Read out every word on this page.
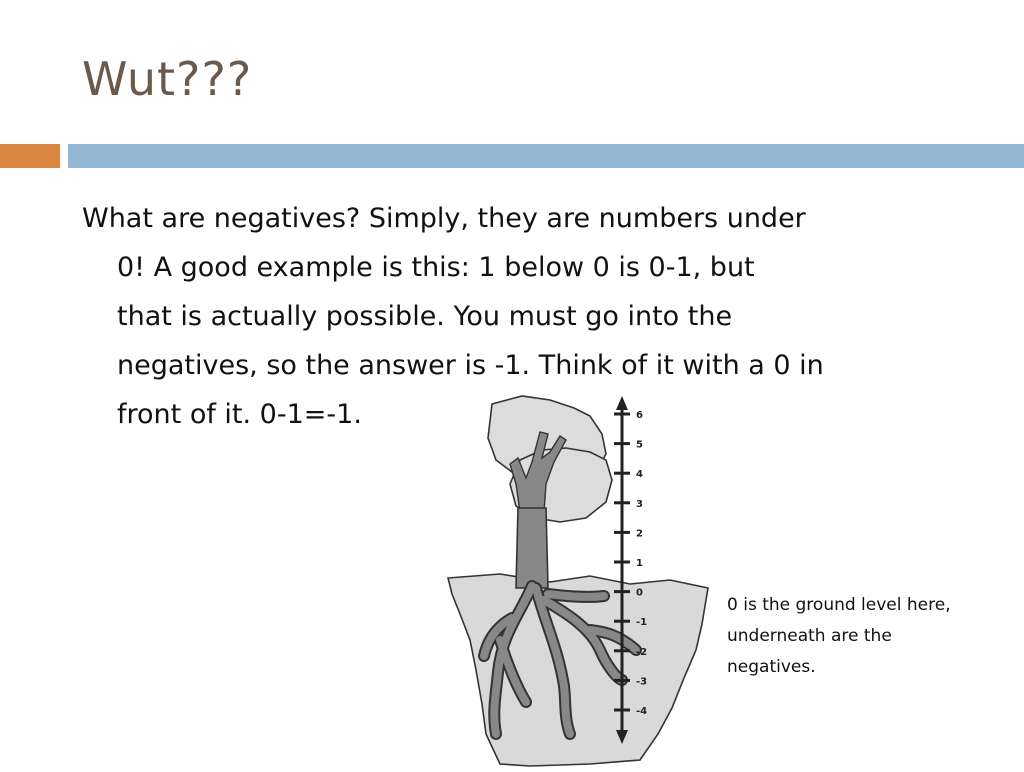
Wut???
What are negatives? Simply, they are numbers under
0! A good example is this: 1 below 0 is 0-1, but
that is actually possible. You must go into the
negatives, so the answer is -1. Think of it with a 0 in
front of it. 0-1=-1.	6
5
4
3
2
1
0
-1
-2
-3
-4
0 is the ground level here,
underneath are the
negatives.
